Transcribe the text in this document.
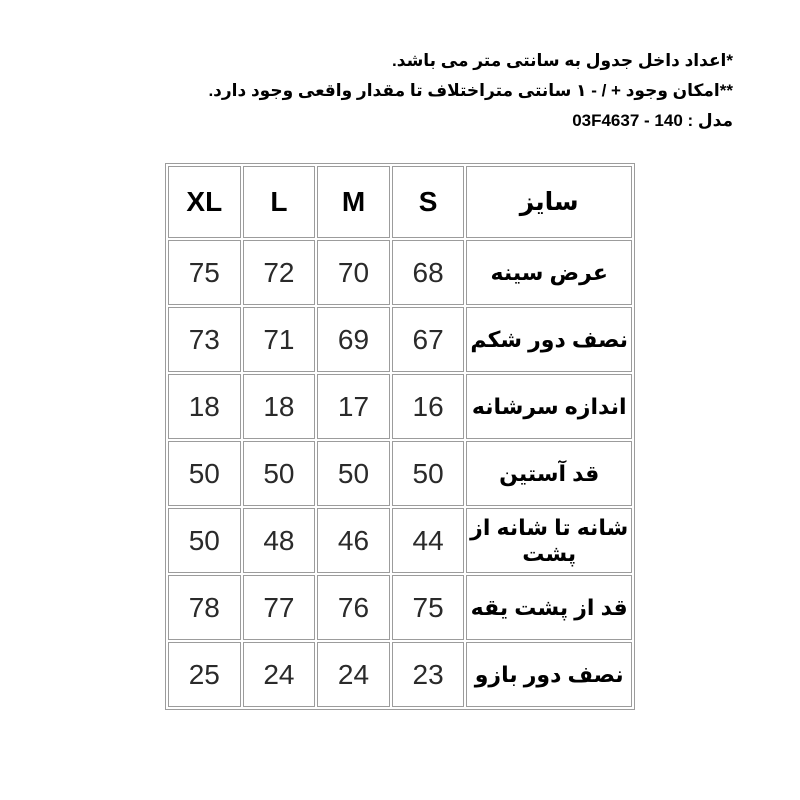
*اعداد داخل جدول به سانتی متر می باشد.
**امکان وجود + / - ۱ سانتی متراختلاف تا مقدار واقعی وجود دارد.
مدل : 140 - 03F4637
سایز	S	M	L	XL
عرض سینه	68	70	72	75
نصف دور شکم	67	69	71	73
اندازه سرشانه	16	17	18	18
قد آستین	50	50	50	50
شانه تا شانه از پشت	44	46	48	50
قد از پشت یقه	75	76	77	78
نصف دور بازو	23	24	24	25
